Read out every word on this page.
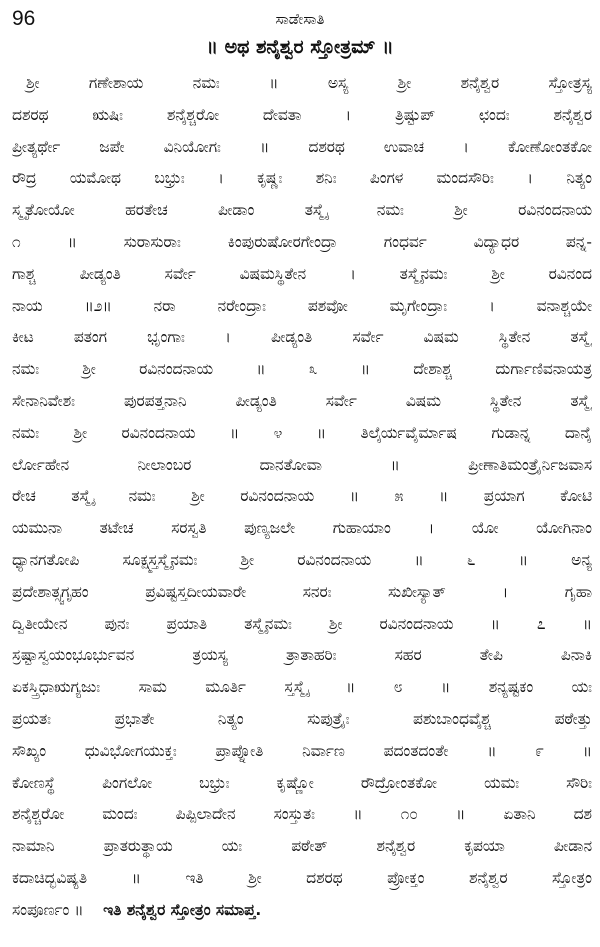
96	ಸಾಡೇಸಾತಿ
॥ ಅಥ ಶನೈಶ್ವರ ಸ್ತೋತ್ರಮ್ ॥
ಶ್ರೀ ಗಣೇಶಾಯ ನಮಃ ॥ ಅಸ್ಯ ಶ್ರೀ ಶನೈಶ್ವರ ಸ್ತೋತ್ರಸ್ಯ
ದಶರಥ ಋಷಿಃ ಶನೈಶ್ಚರೋ ದೇವತಾ । ತ್ರಿಷ್ಟುಪ್ ಛಂದಃ ಶನೈಶ್ವರ
ಪ್ರೀತ್ಯರ್ಥೇ ಜಪೇ ವಿನಿಯೋಗಃ ॥ ದಶರಥ ಉವಾಚ । ಕೋಣೋಂತಕೋ
ರೌದ್ರ ಯಮೋಥ ಬಭ್ರುಃ । ಕೃಷ್ಣಃ ಶನಿಃ ಪಿಂಗಳ ಮಂದಸೌರಿಃ । ನಿತ್ಯಂ
ಸ್ಮೃತೋಯೋ ಹರತೇಚ ಪೀಡಾಂ ತಸ್ಮೈ ನಮಃ ಶ್ರೀ ರವಿನಂದನಾಯ
೧ ॥ ಸುರಾಸುರಾಃ ಕಿಂಪುರುಷೋರಗೇಂದ್ರಾ ಗಂಧರ್ವ ವಿದ್ಯಾಧರ ಪನ್ನ-
ಗಾಶ್ಚ ಪೀಡ್ಯಂತಿ ಸರ್ವೇ ವಿಷಮಸ್ಥಿತೇನ । ತಸ್ಮೈನಮಃ ಶ್ರೀ ರವಿನಂದ
ನಾಯ ॥೨॥ ನರಾ ನರೇಂದ್ರಾಃ ಪಶವೋ ಮೃಗೇಂದ್ರಾಃ । ವನಾಶ್ಚಯೇ
ಕೀಟ ಪತಂಗ ಭೃಂಗಾಃ । ಪೀಡ್ಯಂತಿ ಸರ್ವೇ ವಿಷಮ ಸ್ಥಿತೇನ ತಸ್ಮೈ
ನಮಃ ಶ್ರೀ ರವಿನಂದನಾಯ ॥ ೩ ॥ ದೇಶಾಶ್ಚ ದುರ್ಗಾಣಿವನಾಯತ್ರ
ಸೇನಾನಿವೇಶಃ ಪುರಪತ್ತನಾನಿ ಪೀಡ್ಯಂತಿ ಸರ್ವೇ ವಿಷಮ ಸ್ಥಿತೇನ ತಸ್ಮೈ
ನಮಃ ಶ್ರೀ ರವಿನಂದನಾಯ ॥ ೪ ॥ ತಿಲೈರ್ಯವೈರ್ಮಾಷ ಗುಡಾನ್ನ ದಾನೈ
ರ್ಲೋಹೇನ ನೀಲಾಂಬರ ದಾನತೋವಾ ॥ ಪ್ರೀಣಾತಿಮಂತ್ರೈರ್ನಿಜವಾಸ
ರೇಚ ತಸ್ಮೈ ನಮಃ ಶ್ರೀ ರವಿನಂದನಾಯ ॥ ೫ ॥ ಪ್ರಯಾಗ ಕೋಟಿ
ಯಮುನಾ ತಟೇಚ ಸರಸ್ವತಿ ಪುಣ್ಯಜಲೇ ಗುಹಾಯಾಂ । ಯೋ ಯೋಗಿನಾಂ
ಧ್ಯಾನಗತೋಪಿ ಸೂಕ್ಷ್ಮಸ್ತಸ್ಮೈನಮಃ ಶ್ರೀ ರವಿನಂದನಾಯ ॥ ೬ ॥ ಅನ್ಯ
ಪ್ರದೇಶಾತ್ಸ್ವಗೃಹಂ ಪ್ರವಿಷ್ಟಸ್ತದೀಯವಾರೇ ಸನರಃ ಸುಖೀಸ್ಯಾತ್ । ಗೃಹಾ
ದ್ವಿತೀಯೇನ ಪುನಃ ಪ್ರಯಾತಿ ತಸ್ಮೈನಮಃ ಶ್ರೀ ರವಿನಂದನಾಯ ॥ ೭ ॥
ಸ್ರಷ್ಟಾಸ್ವಯಂಭೂರ್ಭುವನ ತ್ರಯಸ್ಯ ತ್ರಾತಾಹರಿಃ ಸಹರ ತೇಪಿ ಪಿನಾಕಿ
ಏಕಸ್ತ್ರಿಧಾಋಗ್ಯಜುಃ ಸಾಮ ಮೂರ್ತಿ ಸ್ತಸ್ಮೈ ॥ ೮ ॥ ಶನ್ಯಷ್ಟಕಂ ಯಃ
ಪ್ರಯತಃ ಪ್ರಭಾತೇ ನಿತ್ಯಂ ಸುಪುತ್ರೈಃ ಪಶುಬಾಂಧವೈಶ್ಚ ಪಠೇತ್ತು
ಸೌಖ್ಯಂ ಧುವಿಭೋಗಯುಕ್ತಃ ಪ್ರಾಪ್ನೋತಿ ನಿರ್ವಾಣ ಪದಂತದಂತೇ ॥ ೯ ॥
ಕೋಣಸ್ಥೆ ಪಿಂಗಲೋ ಬಭ್ರುಃ ಕೃಷ್ಣೋ ರೌದ್ರೋಂತಕೋ ಯಮಃ ಸೌರಿಃ
ಶನೈಶ್ಚರೋ ಮಂದಃ ಪಿಪ್ಪಿಲಾದೇನ ಸಂಸ್ತುತಃ ॥ ೧೦ ॥ ಏತಾನಿ ದಶ
ನಾಮಾನಿ ಪ್ರಾತರುತ್ಥಾಯ ಯಃ ಪಠೇತ್ ಶನೈಶ್ವರ ಕೃಪಯಾ ಪೀಡಾನ
ಕದಾಚಿದ್ಭವಿಷ್ಯತಿ ॥ ಇತಿ ಶ್ರೀ ದಶರಥ ಪ್ರೋಕ್ತಂ ಶನೈಶ್ವರ ಸ್ತೋತ್ರಂ
ಸಂಪೂರ್ಣಂ ॥ ಇತಿ ಶನೈಶ್ವರ ಸ್ತೋತ್ರಂ ಸಮಾಪ್ತ.
